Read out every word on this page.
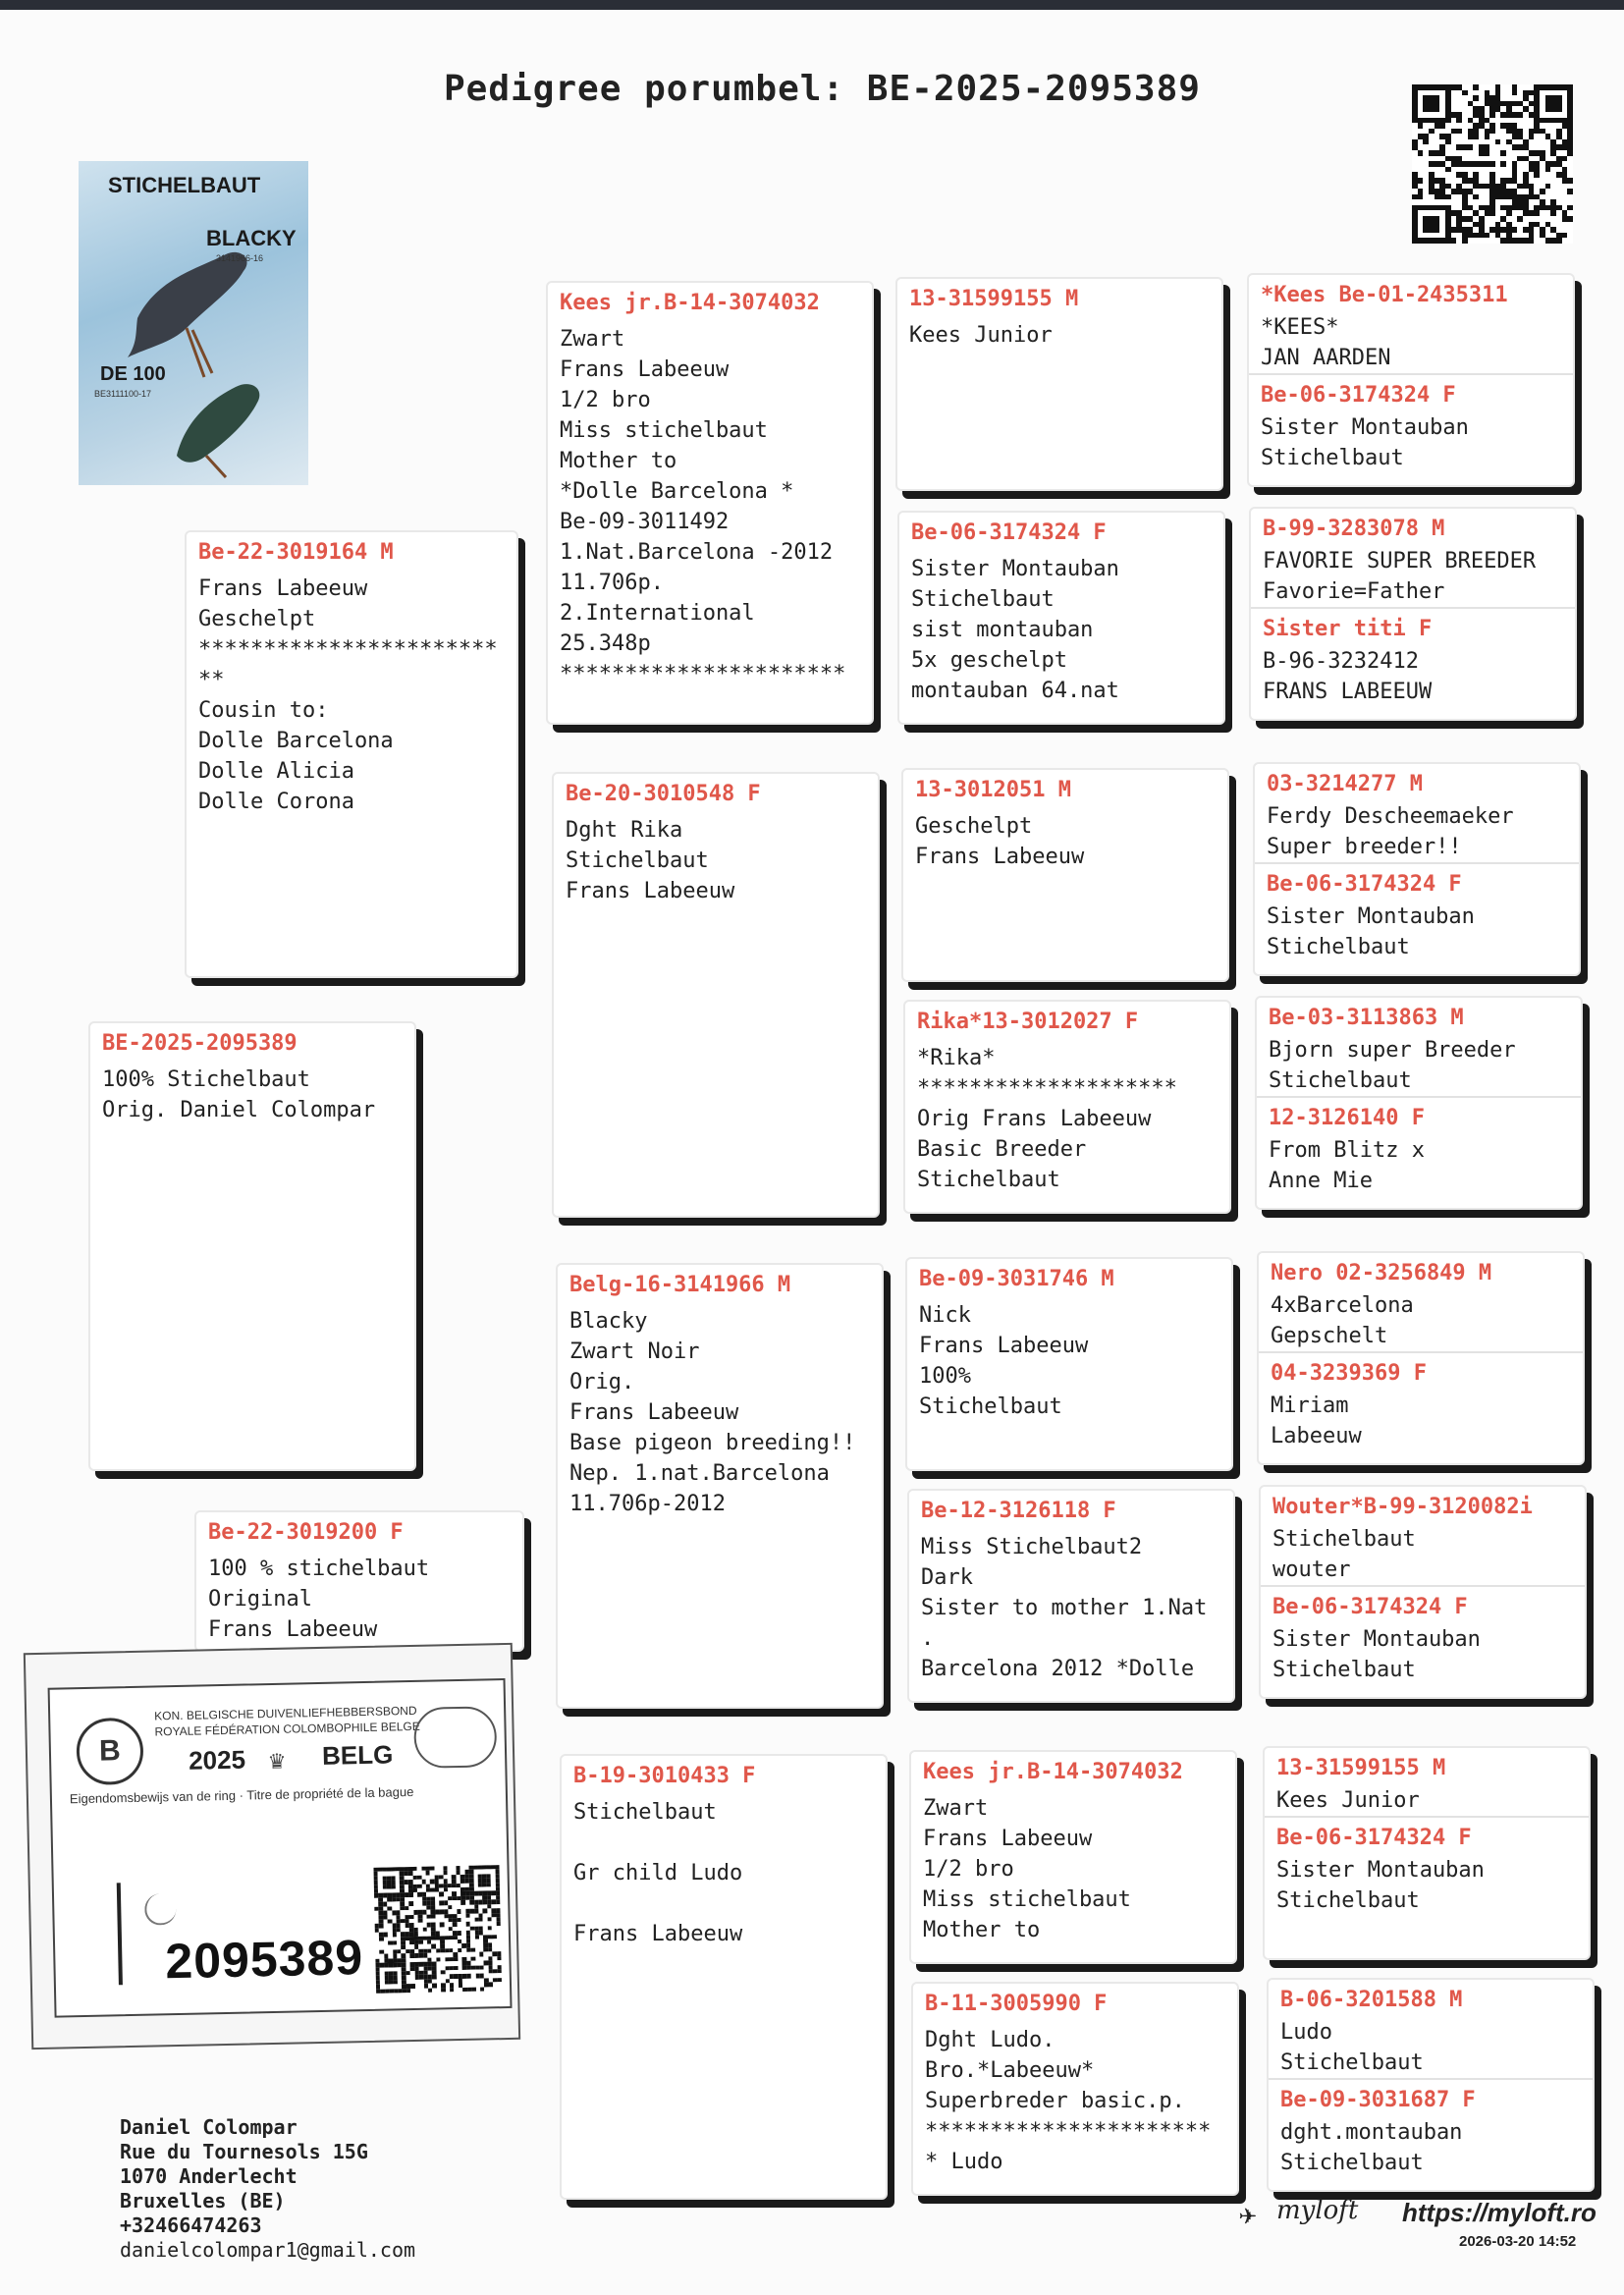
Pedigree porumbel: BE-2025-2095389
STICHELBAUT
BLACKY
3141966-16
DE 100
BE3111100-17
BE-2025-2095389
100% Stichelbaut
Orig. Daniel Colompar
Be-22-3019164 M
Frans Labeeuw
Geschelpt
***********************
**
Cousin to:
Dolle Barcelona
Dolle Alicia
Dolle Corona
Be-22-3019200 F
100 % stichelbaut
Original
Frans Labeeuw
Kees jr.B-14-3074032
Zwart
Frans Labeeuw
1/2 bro
Miss stichelbaut
Mother to
*Dolle Barcelona *
Be-09-3011492
1.Nat.Barcelona -2012
11.706p.
2.International
25.348p
**********************
Be-20-3010548 F
Dght Rika
Stichelbaut
Frans Labeeuw
Belg-16-3141966 M
Blacky
Zwart Noir
Orig.
Frans Labeeuw
Base pigeon breeding!!
Nep. 1.nat.Barcelona
11.706p-2012
B-19-3010433 F
Stichelbaut

Gr child Ludo

Frans Labeeuw
13-31599155 M
Kees Junior
Be-06-3174324 F
Sister Montauban
Stichelbaut
sist montauban
5x geschelpt
montauban 64.nat
13-3012051 M
Geschelpt
Frans Labeeuw
Rika*13-3012027 F
*Rika*
********************
Orig Frans Labeeuw
Basic Breeder
Stichelbaut
Be-09-3031746 M
Nick
Frans Labeeuw
100%
Stichelbaut
Be-12-3126118 F
Miss Stichelbaut2
Dark
Sister to mother 1.Nat
.
Barcelona 2012 *Dolle
Kees jr.B-14-3074032
Zwart
Frans Labeeuw
1/2 bro
Miss stichelbaut
Mother to
B-11-3005990 F
Dght Ludo.
Bro.*Labeeuw*
Superbreder basic.p.
**********************
* Ludo
*Kees Be-01-2435311
*KEES*
JAN AARDEN
Be-06-3174324 F
Sister Montauban
Stichelbaut
B-99-3283078 M
FAVORIE SUPER BREEDER
Favorie=Father
Sister titi F
B-96-3232412
FRANS LABEEUW
03-3214277 M
Ferdy Descheemaeker
Super breeder!!
Be-06-3174324 F
Sister Montauban
Stichelbaut
Be-03-3113863 M
Bjorn super Breeder
Stichelbaut
12-3126140 F
From Blitz x
Anne Mie
Nero 02-3256849 M
4xBarcelona
Gepschelt
04-3239369 F
Miriam
Labeeuw
Wouter*B-99-3120082i
Stichelbaut
wouter
Be-06-3174324 F
Sister Montauban
Stichelbaut
13-31599155 M
Kees Junior
Be-06-3174324 F
Sister Montauban
Stichelbaut
B-06-3201588 M
Ludo
Stichelbaut
Be-09-3031687 F
dght.montauban
Stichelbaut
B
KON. BELGISCHE DUIVENLIEFHEBBERSBOND
ROYALE FÉDÉRATION COLOMBOPHILE BELGE
2025 ♛ BELG
Eigendomsbewijs van de ring · Titre de propriété de la bague
2095389
Daniel Colompar
Rue du Tournesols 15G
1070 Anderlecht
Bruxelles (BE)
+32466474263
danielcolompar1@gmail.com
✈ myloft https://myloft.ro
2026-03-20 14:52
